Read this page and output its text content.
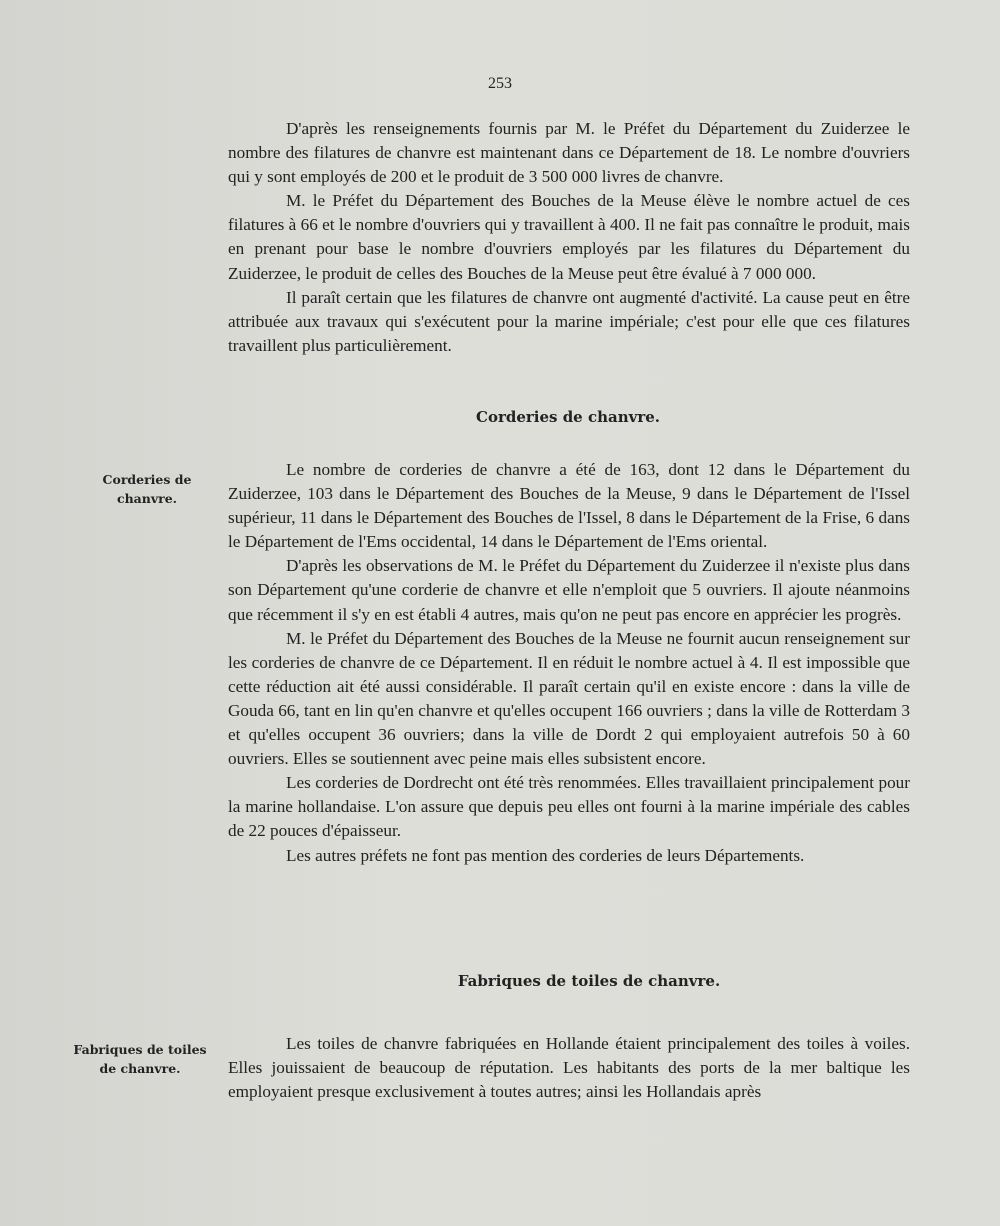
253

D'après les renseignements fournis par M. le Préfet du Département du Zuiderzee le nombre des filatures de chanvre est maintenant dans ce Département de 18. Le nombre d'ouvriers qui y sont employés de 200 et le produit de 3 500 000 livres de chanvre.

M. le Préfet du Département des Bouches de la Meuse élève le nombre actuel de ces filatures à 66 et le nombre d'ouvriers qui y travaillent à 400. Il ne fait pas connaître le produit, mais en prenant pour base le nombre d'ouvriers employés par les filatures du Département du Zuiderzee, le produit de celles des Bouches de la Meuse peut être évalué à 7 000 000.

Il paraît certain que les filatures de chanvre ont augmenté d'activité. La cause peut en être attribuée aux travaux qui s'exécutent pour la marine impériale; c'est pour elle que ces filatures travaillent plus particulièrement.

Corderies de chanvre.
Corderies de chanvre.

Le nombre de corderies de chanvre a été de 163, dont 12 dans le Département du Zuiderzee, 103 dans le Département des Bouches de la Meuse, 9 dans le Département de l'Issel supérieur, 11 dans le Département des Bouches de l'Issel, 8 dans le Département de la Frise, 6 dans le Département de l'Ems occidental, 14 dans le Département de l'Ems oriental.

D'après les observations de M. le Préfet du Département du Zuiderzee il n'existe plus dans son Département qu'une corderie de chanvre et elle n'emploit que 5 ouvriers. Il ajoute néanmoins que récemment il s'y en est établi 4 autres, mais qu'on ne peut pas encore en apprécier les progrès.

M. le Préfet du Département des Bouches de la Meuse ne fournit aucun renseignement sur les corderies de chanvre de ce Département. Il en réduit le nombre actuel à 4. Il est impossible que cette réduction ait été aussi considérable. Il paraît certain qu'il en existe encore : dans la ville de Gouda 66, tant en lin qu'en chanvre et qu'elles occupent 166 ouvriers ; dans la ville de Rotterdam 3 et qu'elles occupent 36 ouvriers; dans la ville de Dordt 2 qui employaient autrefois 50 à 60 ouvriers. Elles se soutiennent avec peine mais elles subsistent encore.

Les corderies de Dordrecht ont été très renommées. Elles travaillaient principalement pour la marine hollandaise. L'on assure que depuis peu elles ont fourni à la marine impériale des cables de 22 pouces d'épaisseur.

Les autres préfets ne font pas mention des corderies de leurs Départements.

Fabriques de toiles de chanvre.
Fabriques de toiles de chanvre.

Les toiles de chanvre fabriquées en Hollande étaient principalement des toiles à voiles. Elles jouissaient de beaucoup de réputation. Les habitants des ports de la mer baltique les employaient presque exclusivement à toutes autres; ainsi les Hollandais après
